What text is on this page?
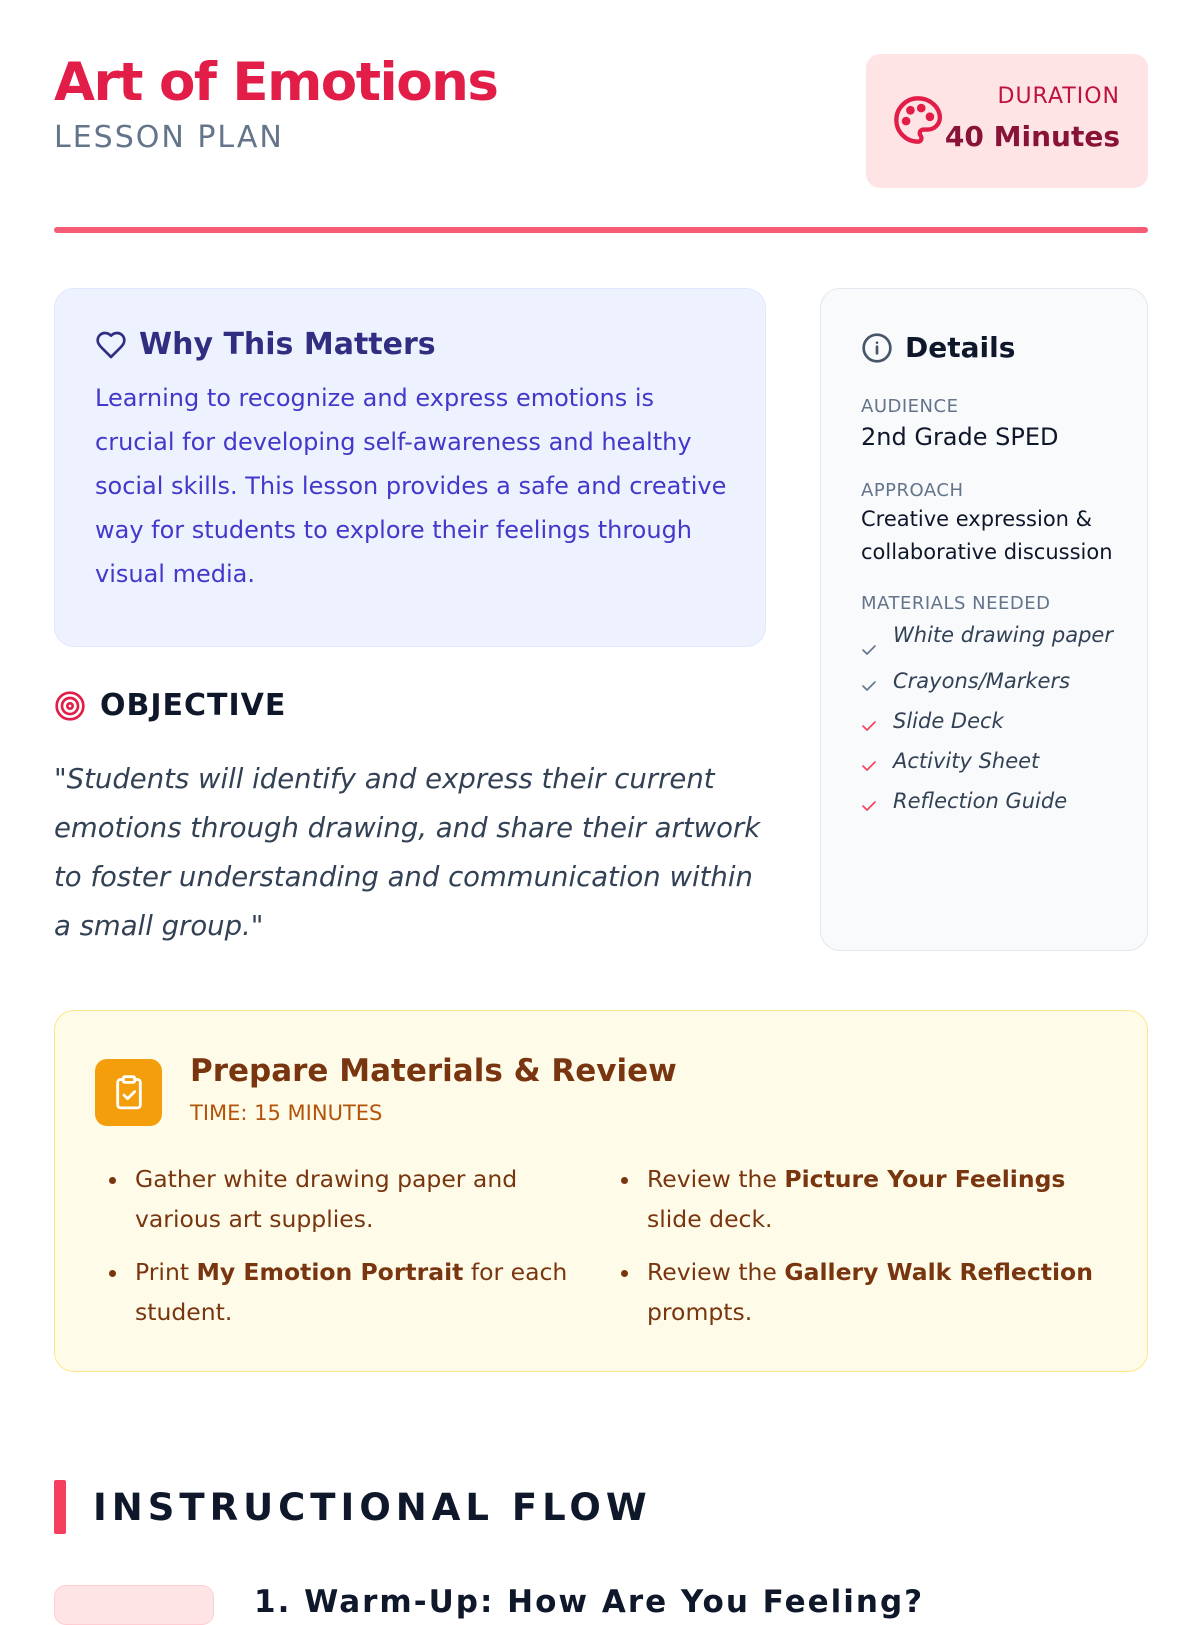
Art of Emotions
LESSON PLAN
DURATION
40 Minutes
Why This Matters
Learning to recognize and express emotions is crucial for developing self-awareness and healthy social skills. This lesson provides a safe and creative way for students to explore their feelings through visual media.
OBJECTIVE
"Students will identify and express their current emotions through drawing, and share their artwork to foster understanding and communication within a small group."
Details
AUDIENCE
2nd Grade SPED
APPROACH
Creative expression & collaborative discussion
MATERIALS NEEDED
White drawing paper
Crayons/Markers
Slide Deck
Activity Sheet
Reflection Guide
Prepare Materials & Review
TIME: 15 MINUTES
Gather white drawing paper and various art supplies.
Print My Emotion Portrait for each student.
Review the Picture Your Feelings slide deck.
Review the Gallery Walk Reflection prompts.
INSTRUCTIONAL FLOW
1. Warm-Up: How Are You Feeling?
